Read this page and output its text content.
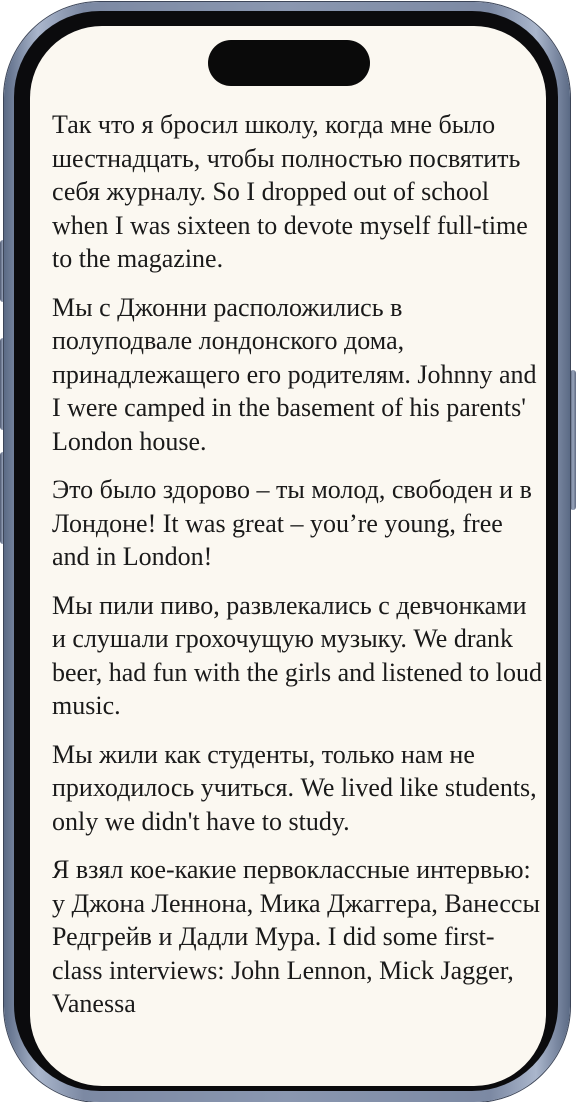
Так что я бросил школу, когда мне было шестнадцать, чтобы полностью посвятить себя журналу. So I dropped out of school when I was sixteen to devote myself full-time to the magazine.

Мы с Джонни расположились в полуподвале лондонского дома, принадлежащего его родителям. Johnny and I were camped in the basement of his parents' London house.

Это было здорово – ты молод, свободен и в Лондоне! It was great – you’re young, free and in London!

Мы пили пиво, развлекались с девчонками и слушали грохочущую музыку. We drank beer, had fun with the girls and listened to loud music.

Мы жили как студенты, только нам не приходилось учиться. We lived like students, only we didn't have to study.

Я взял кое-какие первоклассные интервью: у Джона Леннона, Мика Джаггера, Ванессы Редгрейв и Дадли Мура. I did some first-class interviews: John Lennon, Mick Jagger, Vanessa
